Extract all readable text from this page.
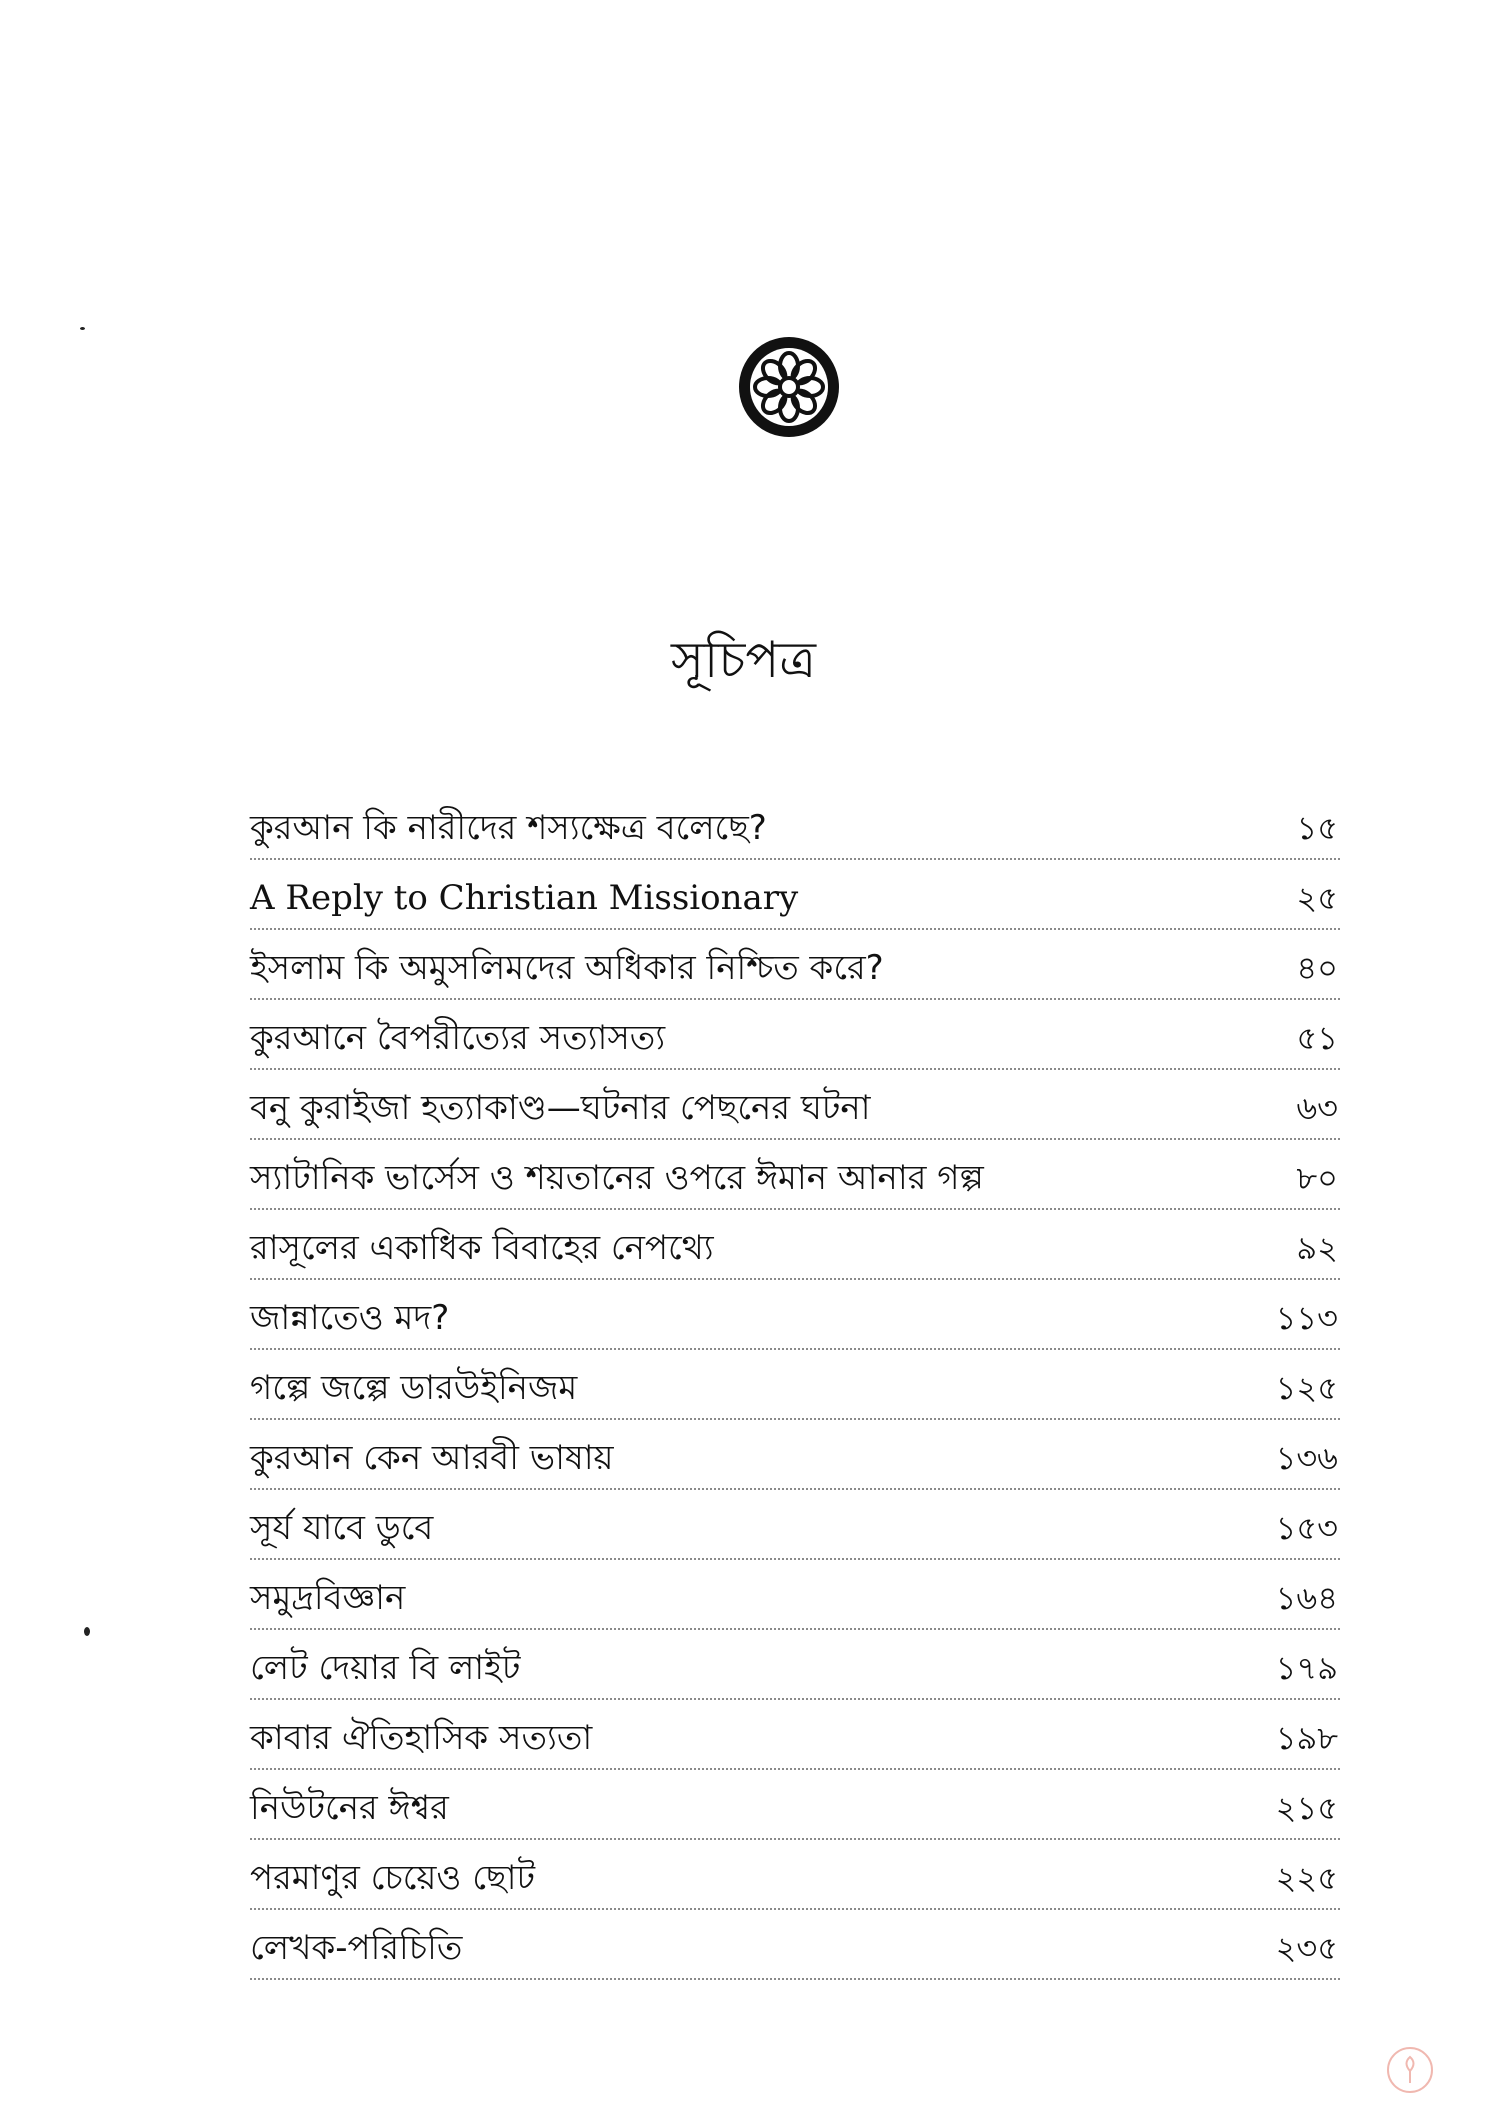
সূচিপত্র
কুরআন কি নারীদের শস্যক্ষেত্র বলেছে?	১৫
A Reply to Christian Missionary	২৫
ইসলাম কি অমুসলিমদের অধিকার নিশ্চিত করে?	৪০
কুরআনে বৈপরীত্যের সত্যাসত্য	৫১
বনু কুরাইজা হত্যাকাণ্ড—ঘটনার পেছনের ঘটনা	৬৩
স্যাটানিক ভার্সেস ও শয়তানের ওপরে ঈমান আনার গল্প	৮০
রাসূলের একাধিক বিবাহের নেপথ্যে	৯২
জান্নাতেও মদ?	১১৩
গল্পে জল্পে ডারউইনিজম	১২৫
কুরআন কেন আরবী ভাষায়	১৩৬
সূর্য যাবে ডুবে	১৫৩
সমুদ্রবিজ্ঞান	১৬৪
লেট দেয়ার বি লাইট	১৭৯
কাবার ঐতিহাসিক সত্যতা	১৯৮
নিউটনের ঈশ্বর	২১৫
পরমাণুর চেয়েও ছোট	২২৫
লেখক-পরিচিতি	২৩৫
